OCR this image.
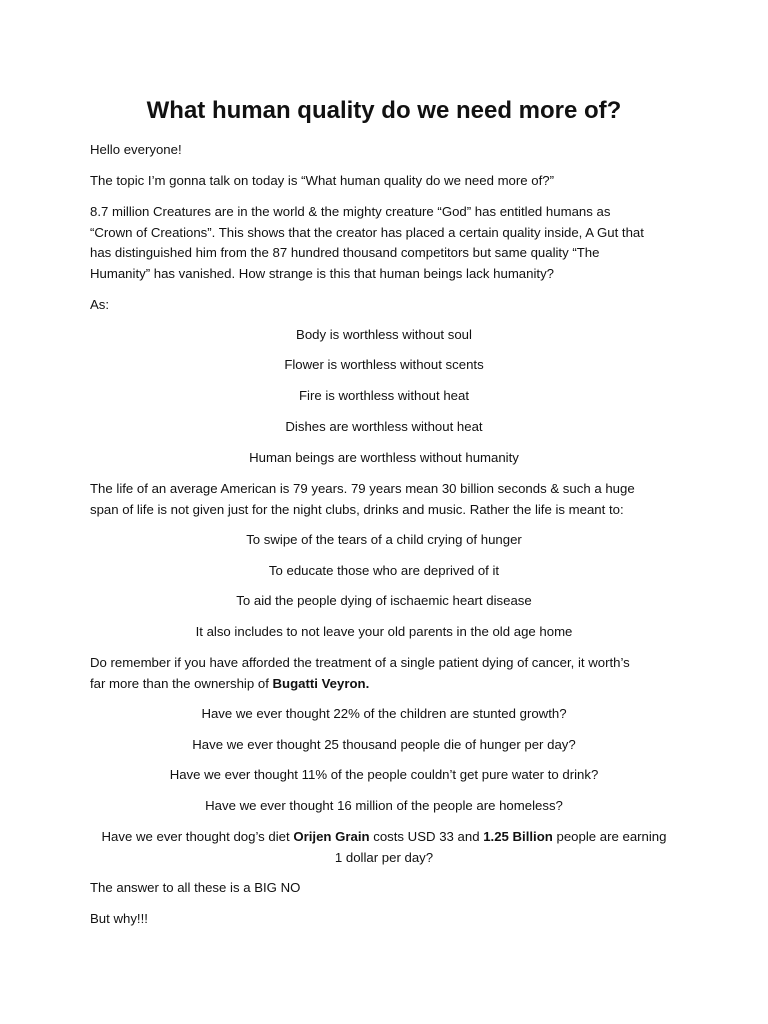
What human quality do we need more of?

Hello everyone!

The topic I’m gonna talk on today is “What human quality do we need more of?”

8.7 million Creatures are in the world & the mighty creature “God” has entitled humans as
“Crown of Creations”. This shows that the creator has placed a certain quality inside, A Gut that
has distinguished him from the 87 hundred thousand competitors but same quality “The
Humanity” has vanished. How strange is this that human beings lack humanity?

As:

Body is worthless without soul

Flower is worthless without scents

Fire is worthless without heat

Dishes are worthless without heat

Human beings are worthless without humanity

The life of an average American is 79 years. 79 years mean 30 billion seconds & such a huge
span of life is not given just for the night clubs, drinks and music. Rather the life is meant to:

To swipe of the tears of a child crying of hunger

To educate those who are deprived of it

To aid the people dying of ischaemic heart disease

It also includes to not leave your old parents in the old age home

Do remember if you have afforded the treatment of a single patient dying of cancer, it worth’s
far more than the ownership of Bugatti Veyron.

Have we ever thought 22% of the children are stunted growth?

Have we ever thought 25 thousand people die of hunger per day?

Have we ever thought 11% of the people couldn’t get pure water to drink?

Have we ever thought 16 million of the people are homeless?

Have we ever thought dog’s diet Orijen Grain costs USD 33 and 1.25 Billion people are earning
1 dollar per day?

The answer to all these is a BIG NO

But why!!!
